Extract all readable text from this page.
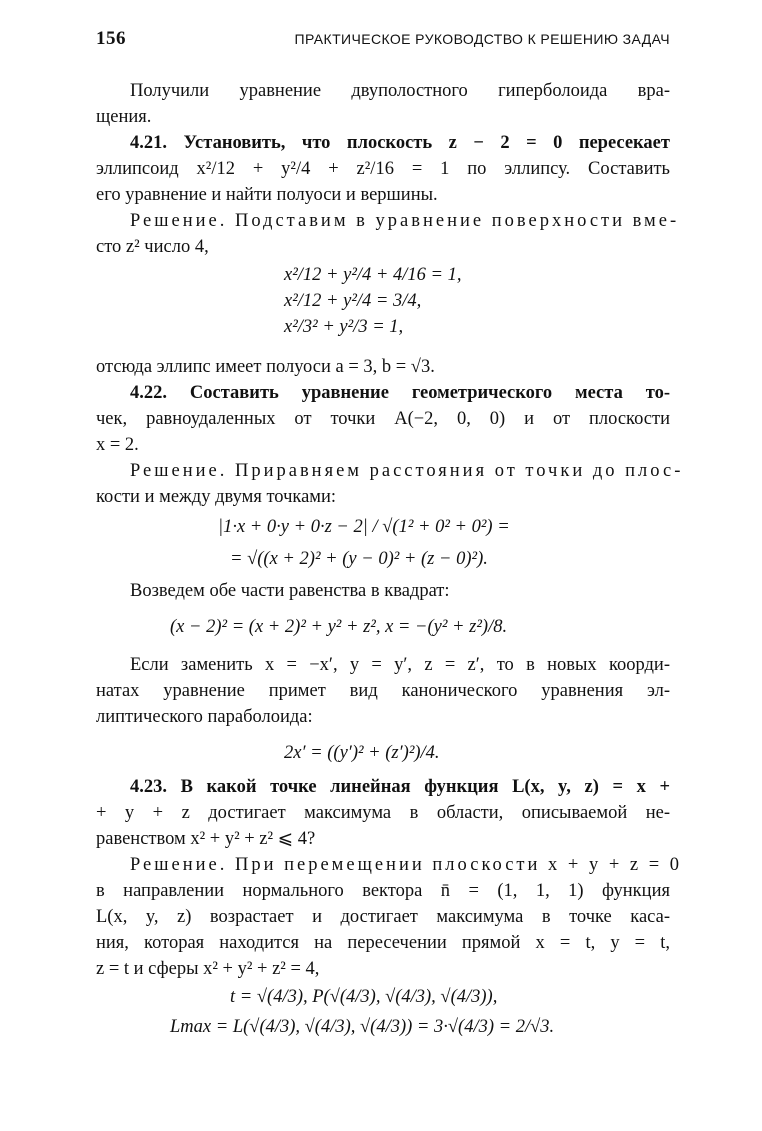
156	ПРАКТИЧЕСКОЕ РУКОВОДСТВО К РЕШЕНИЮ ЗАДАЧ
Получили уравнение двуполостного гиперболоида вра-
щения.
4.21. Установить, что плоскость z − 2 = 0 пересекает
эллипсоид x²/12 + y²/4 + z²/16 = 1 по эллипсу. Составить
его уравнение и найти полуоси и вершины.
Решение. Подставим в уравнение поверхности вме-
сто z² число 4,
x²/12 + y²/4 + 4/16 = 1,
x²/12 + y²/4 = 3/4,
x²/3² + y²/3 = 1,
отсюда эллипс имеет полуоси a = 3, b = √3.
4.22. Составить уравнение геометрического места то-
чек, равноудаленных от точки A(−2, 0, 0) и от плоскости
x = 2.
Решение. Приравняем расстояния от точки до плос-
кости и между двумя точками:
|1·x + 0·y + 0·z − 2| / √(1² + 0² + 0²) =
= √((x + 2)² + (y − 0)² + (z − 0)²).
Возведем обе части равенства в квадрат:
(x − 2)² = (x + 2)² + y² + z², x = −(y² + z²)/8.
Если заменить x = −x′, y = y′, z = z′, то в новых коорди-
натах уравнение примет вид канонического уравнения эл-
липтического параболоида:
2x′ = ((y′)² + (z′)²)/4.
4.23. В какой точке линейная функция L(x, y, z) = x +
+ y + z достигает максимума в области, описываемой не-
равенством x² + y² + z² ⩽ 4?
Решение. При перемещении плоскости x + y + z = 0
в направлении нормального вектора n̄ = (1, 1, 1) функция
L(x, y, z) возрастает и достигает максимума в точке каса-
ния, которая находится на пересечении прямой x = t, y = t,
z = t и сферы x² + y² + z² = 4,
t = √(4/3), P(√(4/3), √(4/3), √(4/3)),
Lmax = L(√(4/3), √(4/3), √(4/3)) = 3·√(4/3) = 2/√3.
